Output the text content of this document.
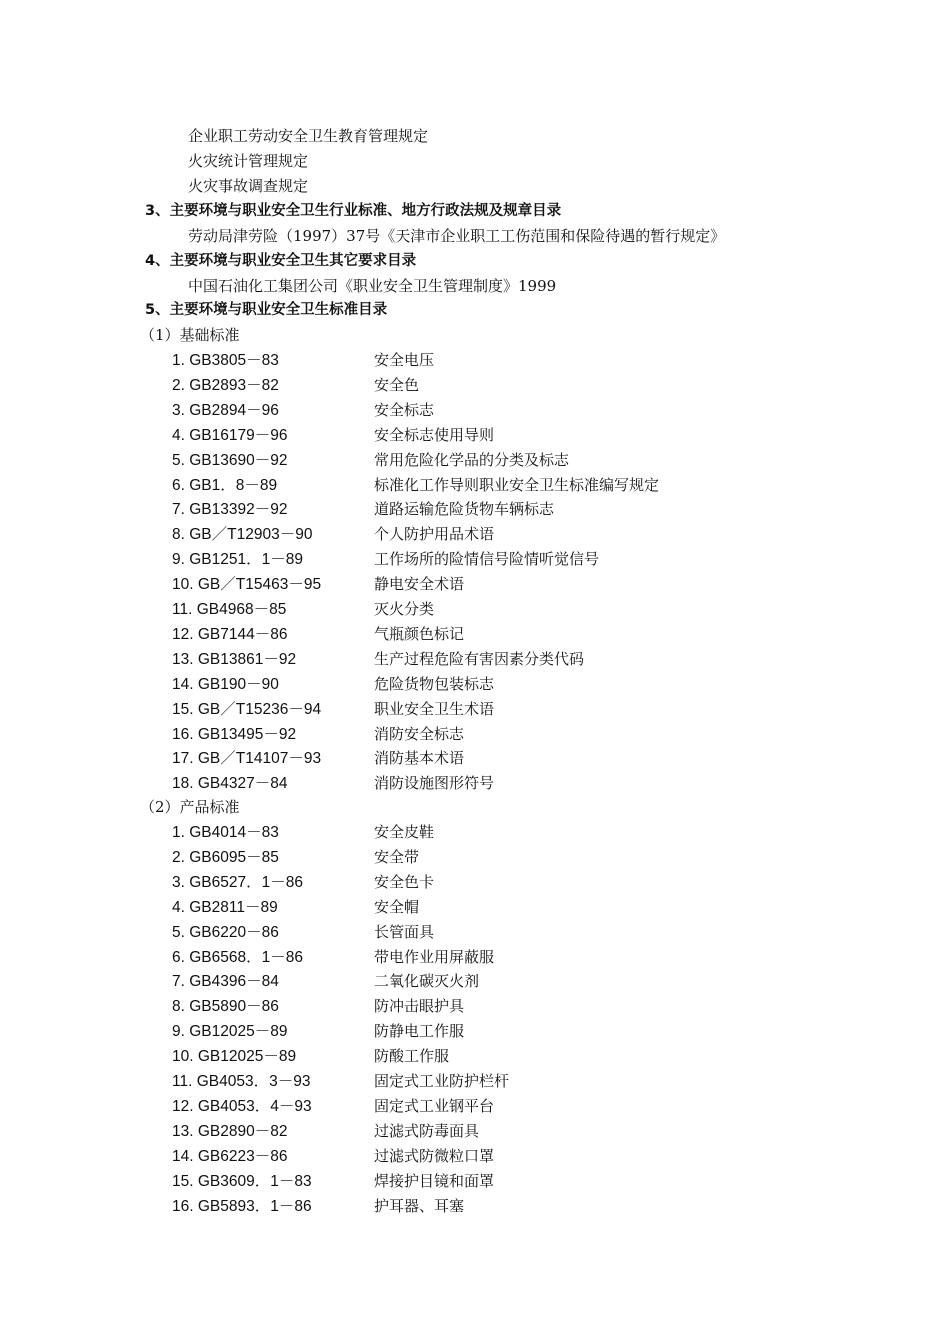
企业职工劳动安全卫生教育管理规定
火灾统计管理规定
火灾事故调查规定
3、主要环境与职业安全卫生行业标准、地方行政法规及规章目录
劳动局津劳险（1997）37号《天津市企业职工工伤范围和保险待遇的暂行规定》
4、主要环境与职业安全卫生其它要求目录
中国石油化工集团公司《职业安全卫生管理制度》1999
5、主要环境与职业安全卫生标准目录
（1）基础标准
1. GB3805－83	安全电压
2. GB2893－82	安全色
3. GB2894－96	安全标志
4. GB16179－96	安全标志使用导则
5. GB13690－92	常用危险化学品的分类及标志
6. GB1．8－89	标准化工作导则职业安全卫生标准编写规定
7. GB13392－92	道路运输危险货物车辆标志
8. GB／T12903－90	个人防护用品术语
9. GB1251．1－89	工作场所的险情信号险情听觉信号
10. GB／T15463－95	静电安全术语
11. GB4968－85	灭火分类
12. GB7144－86	气瓶颜色标记
13. GB13861－92	生产过程危险有害因素分类代码
14. GB190－90	危险货物包装标志
15. GB／T15236－94	职业安全卫生术语
16. GB13495－92	消防安全标志
17. GB／T14107－93	消防基本术语
18. GB4327－84	消防设施图形符号
（2）产品标准
1. GB4014－83	安全皮鞋
2. GB6095－85	安全带
3. GB6527．1－86	安全色卡
4. GB2811－89	安全帽
5. GB6220－86	长管面具
6. GB6568．1－86	带电作业用屏蔽服
7. GB4396－84	二氧化碳灭火剂
8. GB5890－86	防冲击眼护具
9. GB12025－89	防静电工作服
10. GB12025－89	防酸工作服
11. GB4053．3－93	固定式工业防护栏杆
12. GB4053．4－93	固定式工业钢平台
13. GB2890－82	过滤式防毒面具
14. GB6223－86	过滤式防微粒口罩
15. GB3609．1－83	焊接护目镜和面罩
16. GB5893．1－86	护耳器、耳塞
